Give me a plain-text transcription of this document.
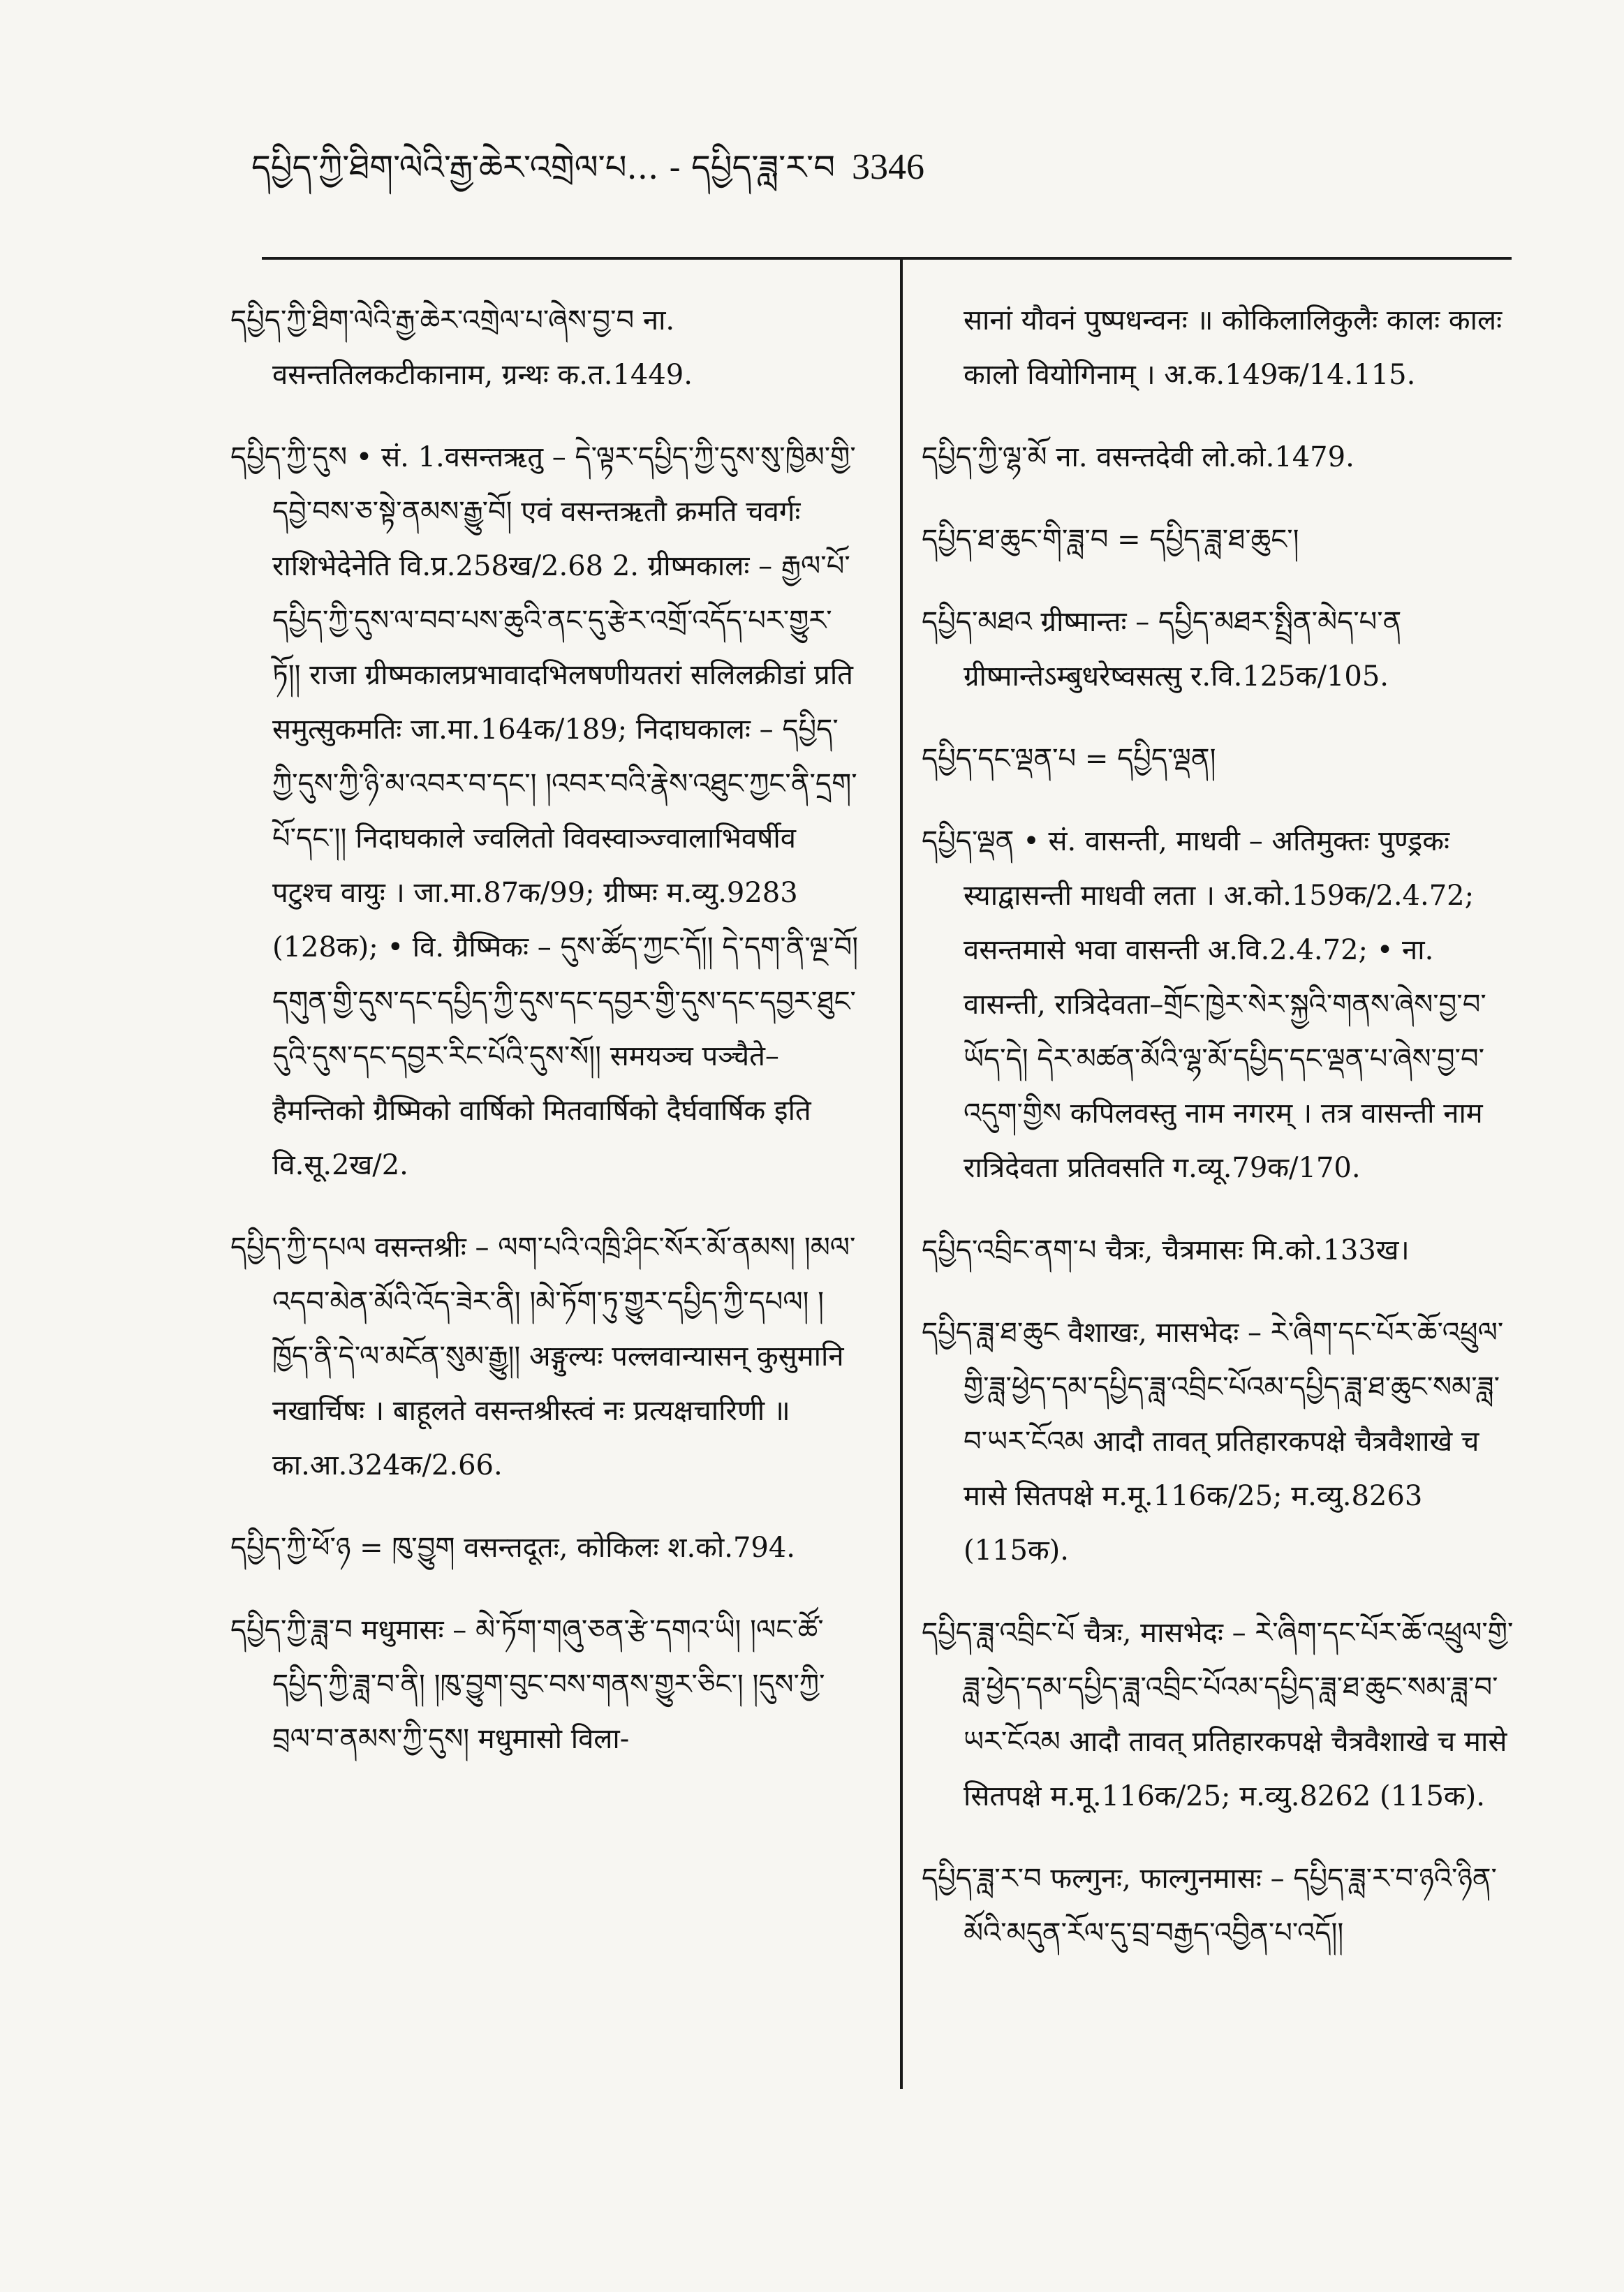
དཔྱིད་ཀྱི་ཐིག་ལེའི་རྒྱ་ཆེར་འགྲེལ་པ... - དཔྱིད་ཟླ་ར་བ 3346

དཔྱིད་ཀྱི་ཐིག་ལེའི་རྒྱ་ཆེར་འགྲེལ་པ་ཞེས་བྱ་བ ना. वसन्ततिलकटीकानाम, ग्रन्थः क.त.1449.

དཔྱིད་ཀྱི་དུས • सं. 1.वसन्तऋतु – དེ་ལྟར་དཔྱིད་ཀྱི་དུས་སུ་ཁྱིམ་གྱི་དབྱེ་བས་ཅ་སྟེ་ནམས་རྒྱུ་བོ། एवं वसन्तऋतौ क्रमति चवर्गः राशिभेदेनेति वि.प्र.258ख/2.68 2. ग्रीष्मकालः – རྒྱལ་པོ་དཔྱིད་ཀྱི་དུས་ལ་བབ་པས་ཆུའི་ནང་དུ་རྩེར་འགྲོ་འདོད་པར་གྱུར་ཏོ།། राजा ग्रीष्मकालप्रभावादभिलषणीयतरां सलिलक्रीडां प्रति समुत्सुकमतिः जा.मा.164क/189; निदाघकालः – དཔྱིད་ཀྱི་དུས་ཀྱི་ཉི་མ་འབར་བ་དང་། །འབར་བའི་རྣེས་འཐུང་ཀྱང་ནི་དྲག་པོ་དང་།། निदाघकाले ज्वलितो विवस्वाञ्ज्वालाभिवर्षीव पटुश्च वायुः । जा.मा.87क/99; ग्रीष्मः म.व्यु.9283 (128क); • वि. ग्रैष्मिकः – དུས་ཚོད་ཀྱང་དོ།། དེ་དག་ནི་ལྔ་བོ། དགུན་གྱི་དུས་དང་དཔྱིད་ཀྱི་དུས་དང་དབྱར་གྱི་དུས་དང་དབྱར་ཐུང་དུའི་དུས་དང་དབྱར་རིང་པོའི་དུས་སོ།། समयञ्च पञ्चैते–हैमन्तिको ग्रैष्मिको वार्षिको मितवार्षिको दैर्घवार्षिक इति वि.सू.2ख/2.

དཔྱིད་ཀྱི་དཔལ वसन्तश्रीः – ལག་པའི་འཁྲི་ཤིང་སོར་མོ་ནམས། །མལ་འདབ་མེན་མོའི་འོད་ཟེར་ནི། །མེ་ཏོག་ཏུ་གྱུར་དཔྱིད་ཀྱི་དཔལ། །ཁྱོད་ནི་དེ་ལ་མངོན་སུམ་རྒྱུ།། अङ्गुल्यः पल्लवान्यासन् कुसुमानि नखार्चिषः । बाहूलते वसन्तश्रीस्त्वं नः प्रत्यक्षचारिणी ॥ का.आ.324क/2.66.

དཔྱིད་ཀྱི་ཕོ་ཉ = ཁུ་བྱུག वसन्तदूतः, कोकिलः श.को.794.

དཔྱིད་ཀྱི་ཟླ་བ मधुमासः – མེ་ཏོག་གཞུ་ཅན་རྩེ་དགའ་ཡི། །ལང་ཚོ་དཔྱིད་ཀྱི་ཟླ་བ་ནི། །ཁུ་བྱུག་བུང་བས་གནས་གྱུར་ཅིང་། །དུས་ཀྱི་བྲལ་བ་ནམས་ཀྱི་དུས། मधुमासो विला-

सानां यौवनं पुष्पधन्वनः ॥ कोकिलालिकुलैः कालः कालः कालो वियोगिनाम् । अ.क.149क/14.115.

དཔྱིད་ཀྱི་ལྷ་མོ ना. वसन्तदेवी लो.को.1479.

དཔྱིད་ཐ་ཆུང་གི་ཟླ་བ = དཔྱིད་ཟླ་ཐ་ཆུང་།

དཔྱིད་མཐའ ग्रीष्मान्तः – དཔྱིད་མཐར་སྤྲིན་མེད་པ་ན ग्रीष्मान्तेऽम्बुधरेष्वसत्सु र.वि.125क/105.

དཔྱིད་དང་ལྡན་པ = དཔྱིད་ལྡན།

དཔྱིད་ལྡན • सं. वासन्ती, माधवी – अतिमुक्तः पुण्ड्रकः स्याद्वासन्ती माधवी लता । अ.को.159क/2.4.72; वसन्तमासे भवा वासन्ती अ.वि.2.4.72; • ना. वासन्ती, रात्रिदेवता–གྲོང་ཁྱེར་སེར་སྐྱའི་གནས་ཞེས་བྱ་བ་ཡོད་དེ། དེར་མཚན་མོའི་ལྷ་མོ་དཔྱིད་དང་ལྡན་པ་ཞེས་བྱ་བ་འདུག་གྱིས कपिलवस्तु नाम नगरम् । तत्र वासन्ती नाम रात्रिदेवता प्रतिवसति ग.व्यू.79क/170.

དཔྱིད་འབྲིང་ནག་པ चैत्रः, चैत्रमासः मि.को.133ख।

དཔྱིད་ཟླ་ཐ་ཆུང वैशाखः, मासभेदः – རེ་ཞིག་དང་པོར་ཆོ་འཕྲུལ་གྱི་ཟླ་ཕྱེད་དམ་དཔྱིད་ཟླ་འབྲིང་པོའམ་དཔྱིད་ཟླ་ཐ་ཆུང་སམ་ཟླ་བ་ཡར་ངོའམ आदौ तावत् प्रतिहारकपक्षे चैत्रवैशाखे च मासे सितपक्षे म.मू.116क/25; म.व्यु.8263 (115क).

དཔྱིད་ཟླ་འབྲིང་པོ चैत्रः, मासभेदः – རེ་ཞིག་དང་པོར་ཆོ་འཕྲུལ་གྱི་ཟླ་ཕྱེད་དམ་དཔྱིད་ཟླ་འབྲིང་པོའམ་དཔྱིད་ཟླ་ཐ་ཆུང་སམ་ཟླ་བ་ཡར་ངོའམ आदौ तावत् प्रतिहारकपक्षे चैत्रवैशाखे च मासे सितपक्षे म.मू.116क/25; म.व्यु.8262 (115क).

དཔྱིད་ཟླ་ར་བ फल्गुनः, फाल्गुनमासः – དཔྱིད་ཟླ་ར་བ་ཉའི་ཉིན་མོའི་མདུན་རོལ་དུ་བྲ་བརྒྱད་འབྱིན་པ་འདོ།།
